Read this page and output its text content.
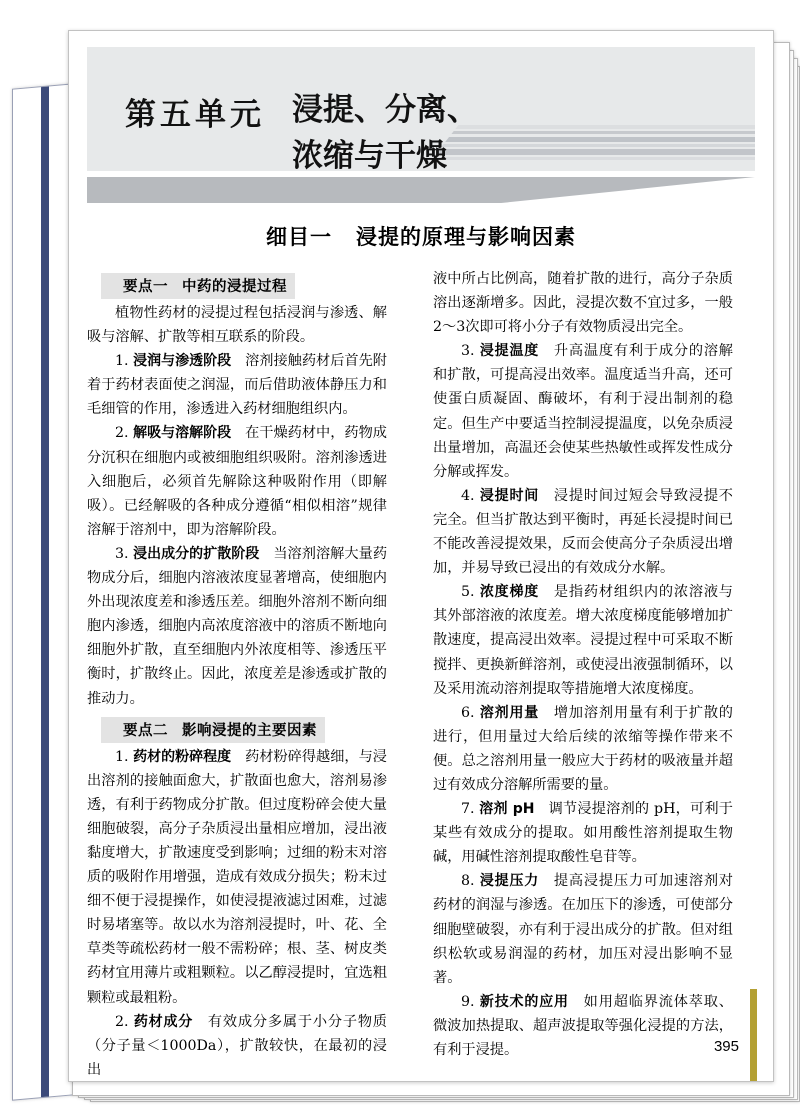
第五单元 浸提、分离、
浓缩与干燥
细目一 浸提的原理与影响因素
要点一 中药的浸提过程

植物性药材的浸提过程包括浸润与渗透、解吸与溶解、扩散等相互联系的阶段。

1. 浸润与渗透阶段 溶剂接触药材后首先附着于药材表面使之润湿，而后借助液体静压力和毛细管的作用，渗透进入药材细胞组织内。

2. 解吸与溶解阶段 在干燥药材中，药物成分沉积在细胞内或被细胞组织吸附。溶剂渗透进入细胞后，必须首先解除这种吸附作用（即解吸）。已经解吸的各种成分遵循“相似相溶”规律溶解于溶剂中，即为溶解阶段。

3. 浸出成分的扩散阶段 当溶剂溶解大量药物成分后，细胞内溶液浓度显著增高，使细胞内外出现浓度差和渗透压差。细胞外溶剂不断向细胞内渗透，细胞内高浓度溶液中的溶质不断地向细胞外扩散，直至细胞内外浓度相等、渗透压平衡时，扩散终止。因此，浓度差是渗透或扩散的推动力。

要点二 影响浸提的主要因素

1. 药材的粉碎程度 药材粉碎得越细，与浸出溶剂的接触面愈大，扩散面也愈大，溶剂易渗透，有利于药物成分扩散。但过度粉碎会使大量细胞破裂，高分子杂质浸出量相应增加，浸出液黏度增大，扩散速度受到影响；过细的粉末对溶质的吸附作用增强，造成有效成分损失；粉末过细不便于浸提操作，如使浸提液滤过困难，过滤时易堵塞等。故以水为溶剂浸提时，叶、花、全草类等疏松药材一般不需粉碎；根、茎、树皮类药材宜用薄片或粗颗粒。以乙醇浸提时，宜选粗颗粒或最粗粉。

2. 药材成分 有效成分多属于小分子物质（分子量＜1000Da），扩散较快，在最初的浸出

液中所占比例高，随着扩散的进行，高分子杂质溶出逐渐增多。因此，浸提次数不宜过多，一般2～3次即可将小分子有效物质浸出完全。

3. 浸提温度 升高温度有利于成分的溶解和扩散，可提高浸出效率。温度适当升高，还可使蛋白质凝固、酶破坏，有利于浸出制剂的稳定。但生产中要适当控制浸提温度，以免杂质浸出量增加，高温还会使某些热敏性或挥发性成分分解或挥发。

4. 浸提时间 浸提时间过短会导致浸提不完全。但当扩散达到平衡时，再延长浸提时间已不能改善浸提效果，反而会使高分子杂质浸出增加，并易导致已浸出的有效成分水解。

5. 浓度梯度 是指药材组织内的浓溶液与其外部溶液的浓度差。增大浓度梯度能够增加扩散速度，提高浸出效率。浸提过程中可采取不断搅拌、更换新鲜溶剂，或使浸出液强制循环，以及采用流动溶剂提取等措施增大浓度梯度。

6. 溶剂用量 增加溶剂用量有利于扩散的进行，但用量过大给后续的浓缩等操作带来不便。总之溶剂用量一般应大于药材的吸液量并超过有效成分溶解所需要的量。

7. 溶剂 pH 调节浸提溶剂的 pH，可利于某些有效成分的提取。如用酸性溶剂提取生物碱，用碱性溶剂提取酸性皂苷等。

8. 浸提压力 提高浸提压力可加速溶剂对药材的润湿与渗透。在加压下的渗透，可使部分细胞壁破裂，亦有利于浸出成分的扩散。但对组织松软或易润湿的药材，加压对浸出影响不显著。

9. 新技术的应用 如用超临界流体萃取、微波加热提取、超声波提取等强化浸提的方法，有利于浸提。	395
